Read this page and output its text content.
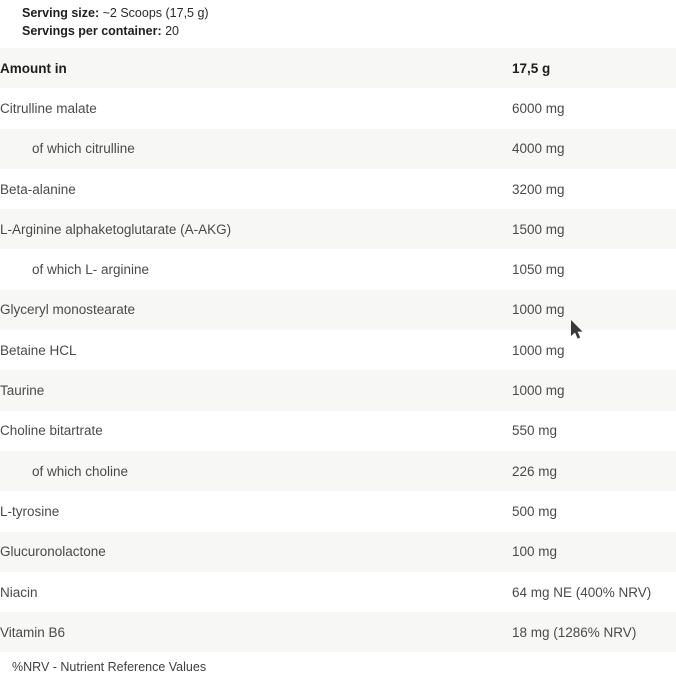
Serving size: ~2 Scoops (17,5 g)
Servings per container: 20
Amount in	17,5 g
Citrulline malate	6000 mg
of which citrulline	4000 mg
Beta-alanine	3200 mg
L-Arginine alphaketoglutarate (A-AKG)	1500 mg
of which L- arginine	1050 mg
Glyceryl monostearate	1000 mg
Betaine HCL	1000 mg
Taurine	1000 mg
Choline bitartrate	550 mg
of which choline	226 mg
L-tyrosine	500 mg
Glucuronolactone	100 mg
Niacin	64 mg NE (400% NRV)
Vitamin B6	18 mg (1286% NRV)
%NRV - Nutrient Reference Values
